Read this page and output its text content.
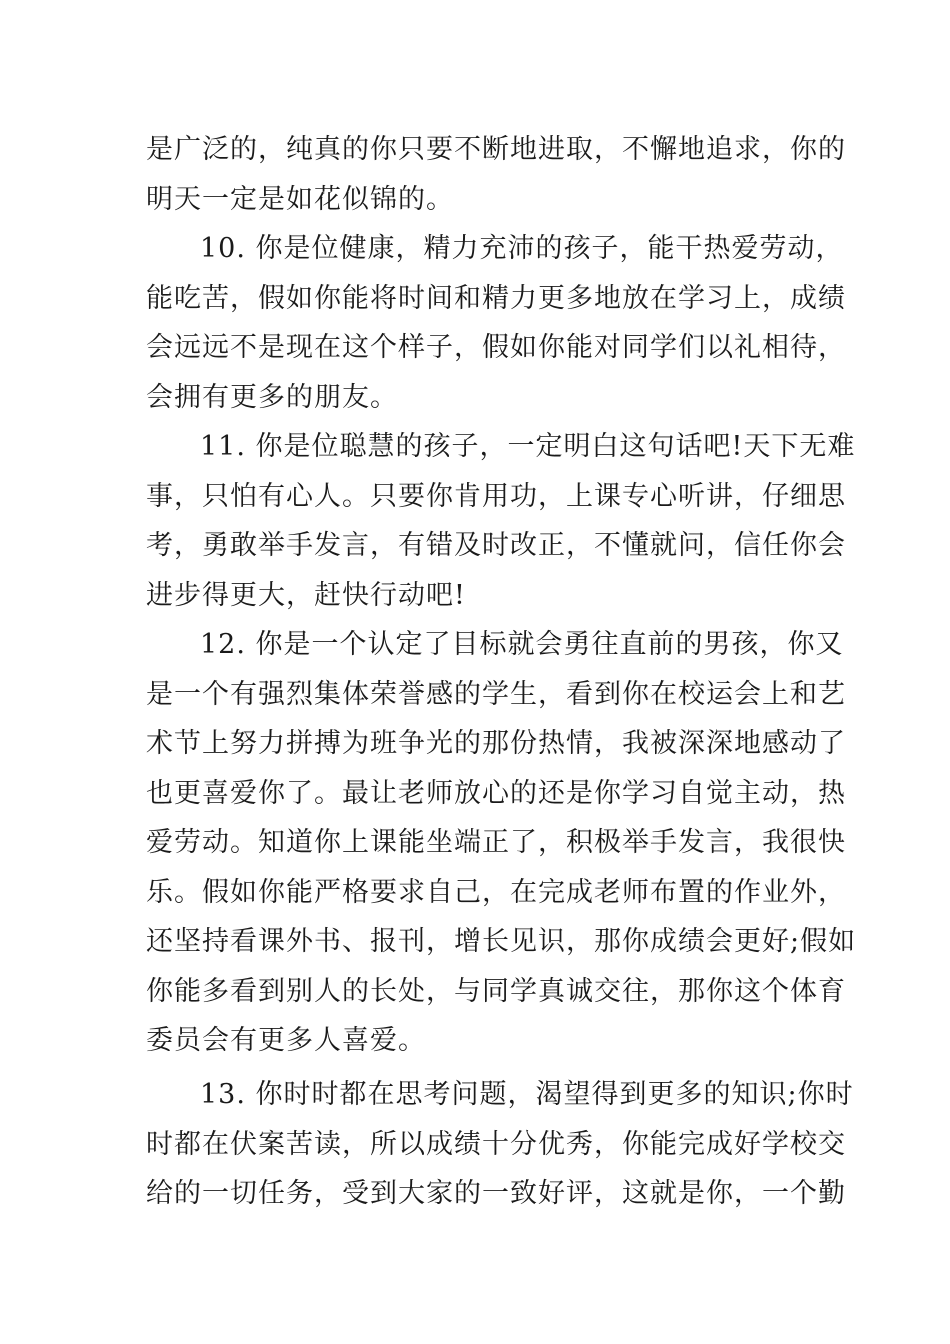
是广泛的，纯真的你只要不断地进取，不懈地追求，你的
明天一定是如花似锦的。
10. 你是位健康，精力充沛的孩子，能干热爱劳动，
能吃苦，假如你能将时间和精力更多地放在学习上，成绩
会远远不是现在这个样子，假如你能对同学们以礼相待，
会拥有更多的朋友。
11. 你是位聪慧的孩子，一定明白这句话吧!天下无难
事，只怕有心人。只要你肯用功，上课专心听讲，仔细思
考，勇敢举手发言，有错及时改正，不懂就问，信任你会
进步得更大，赶快行动吧!
12. 你是一个认定了目标就会勇往直前的男孩，你又
是一个有强烈集体荣誉感的学生，看到你在校运会上和艺
术节上努力拼搏为班争光的那份热情，我被深深地感动了
也更喜爱你了。最让老师放心的还是你学习自觉主动，热
爱劳动。知道你上课能坐端正了，积极举手发言，我很快
乐。假如你能严格要求自己，在完成老师布置的作业外，
还坚持看课外书、报刊，增长见识，那你成绩会更好;假如
你能多看到别人的长处，与同学真诚交往，那你这个体育
委员会有更多人喜爱。
13. 你时时都在思考问题，渴望得到更多的知识;你时
时都在伏案苦读，所以成绩十分优秀，你能完成好学校交
给的一切任务，受到大家的一致好评，这就是你，一个勤
